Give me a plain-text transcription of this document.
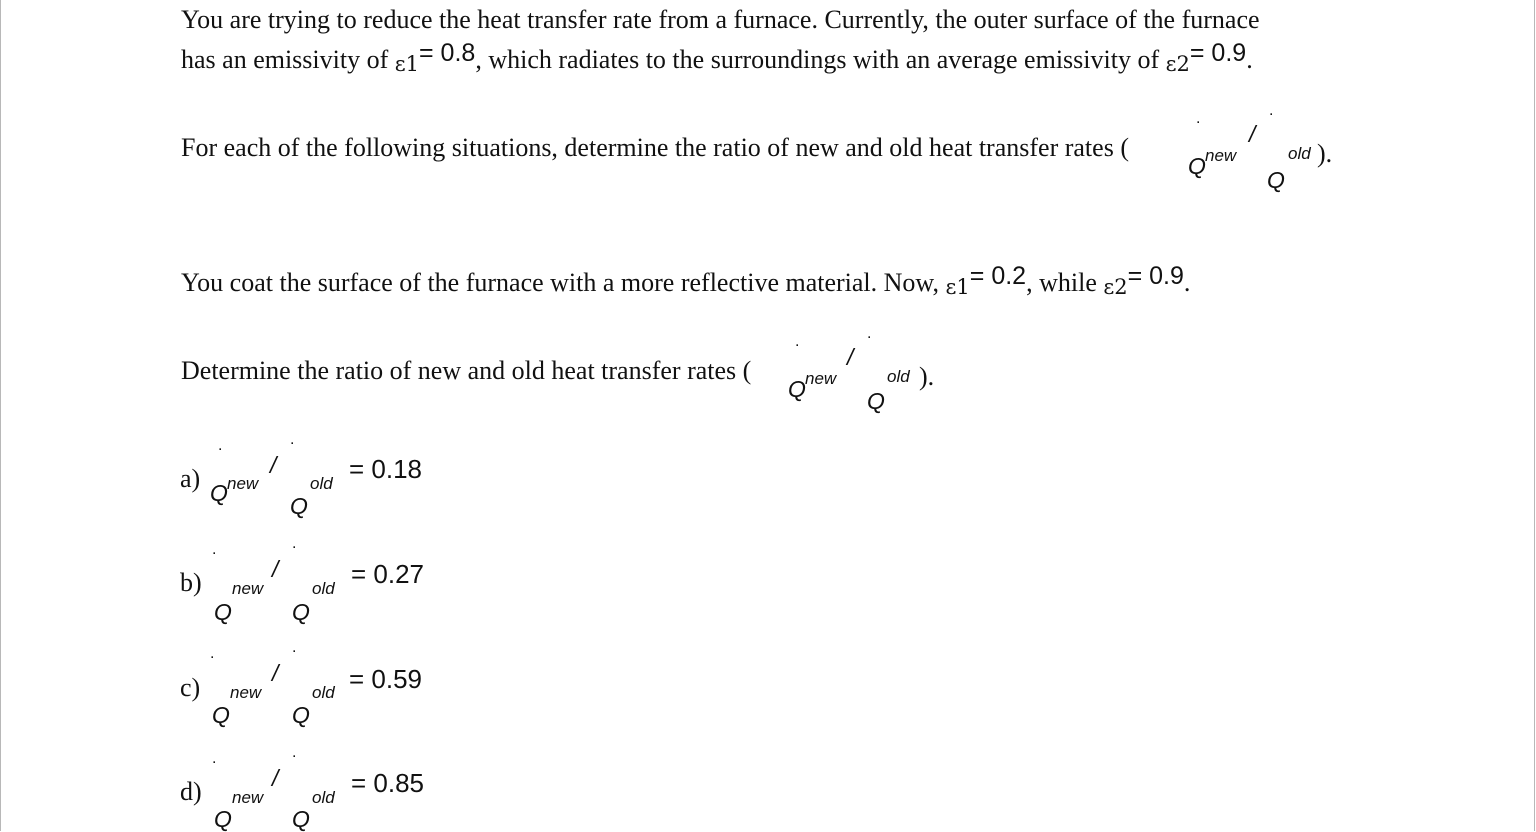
You are trying to reduce the heat transfer rate from a furnace. Currently, the outer surface of the furnace
has an emissivity of ε1= 0.8, which radiates to the surroundings with an average emissivity of ε2= 0.9.
For each of the following situations, determine the ratio of new and old heat transfer rates (
.
Q new
/
.
old
Q
).
You coat the surface of the furnace with a more reflective material. Now, ε1= 0.2, while ε2= 0.9.
Determine the ratio of new and old heat transfer rates (
.
Q new
/
.
old
Q
).
a)
.
Q new
/
.
old
Q
= 0.18
b)
.
new
Q
/
.
old
Q
= 0.27
c)
.
new
Q
/
.
old
Q
= 0.59
d)
.
new
Q
/
.
old
Q
= 0.85
